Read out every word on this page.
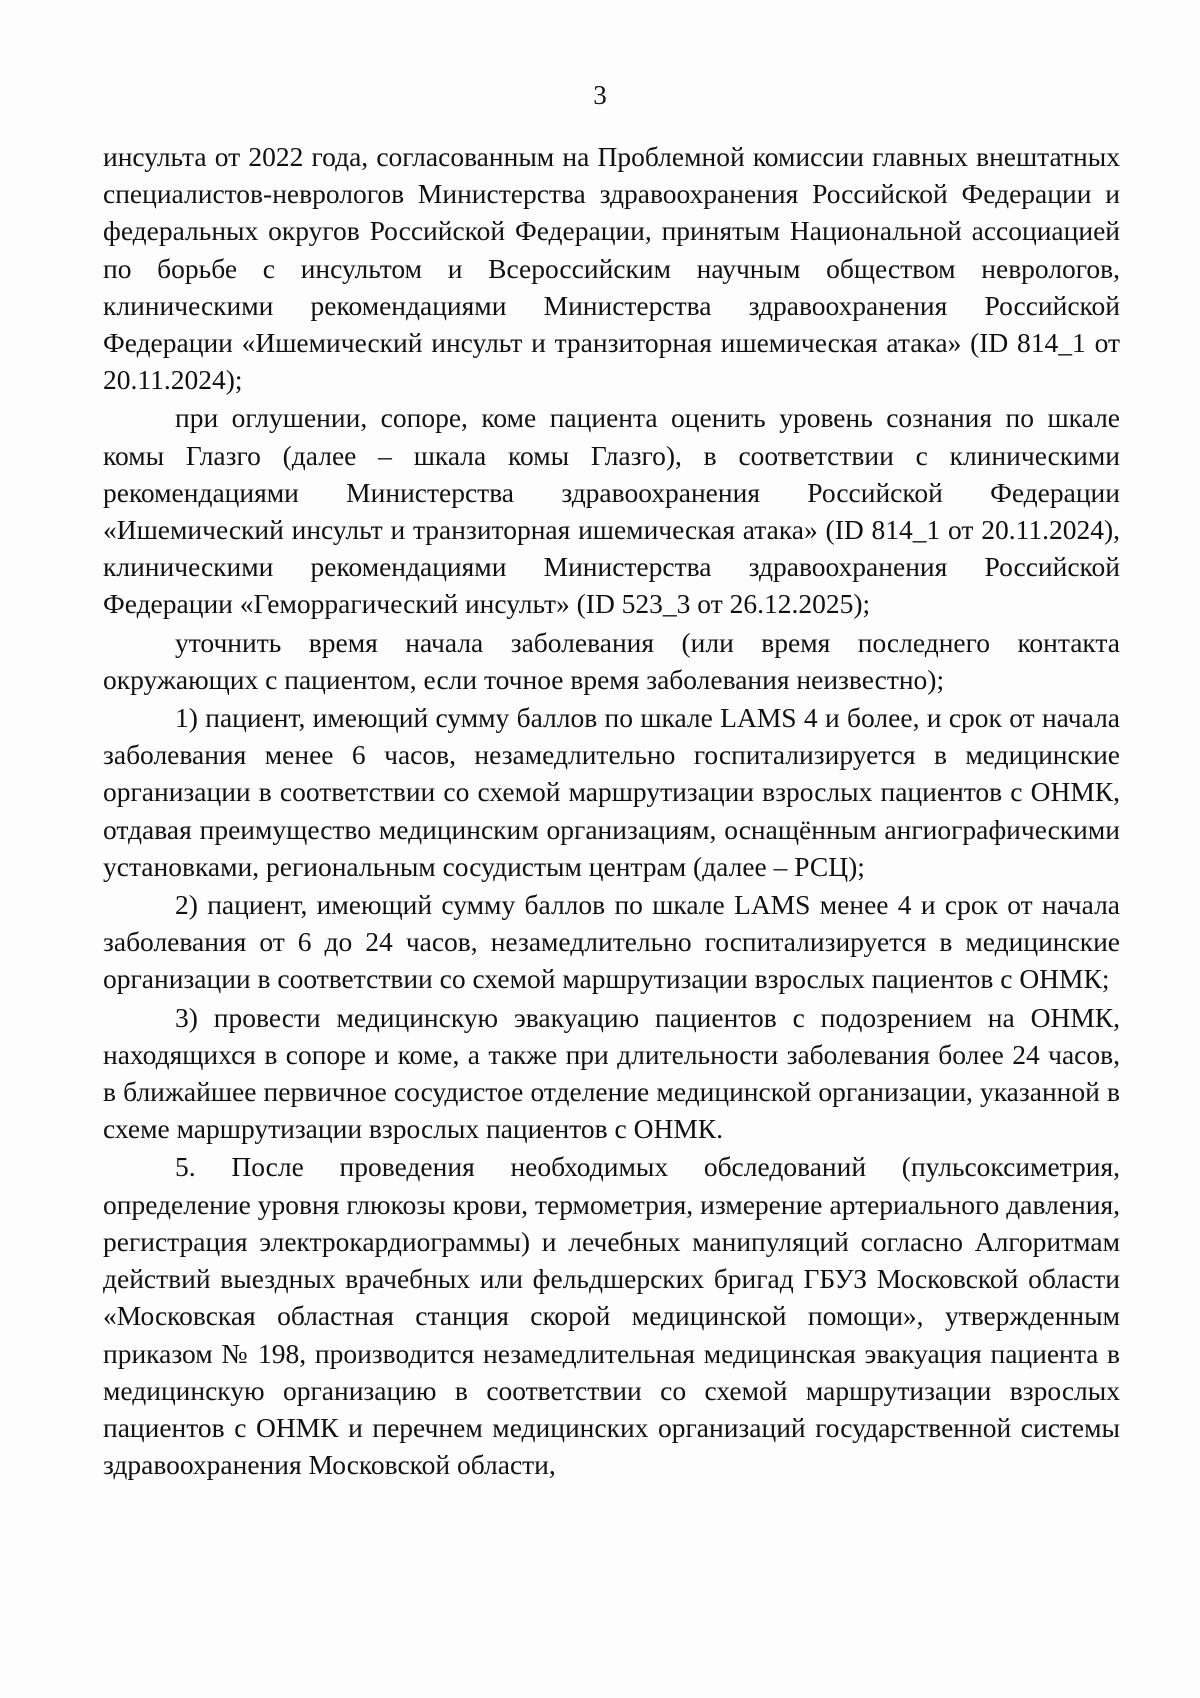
3

инсульта от 2022 года, согласованным на Проблемной комиссии главных внештатных специалистов-неврологов Министерства здравоохранения Российской Федерации и федеральных округов Российской Федерации, принятым Национальной ассоциацией по борьбе с инсультом и Всероссийским научным обществом неврологов, клиническими рекомендациями Министерства здравоохранения Российской Федерации «Ишемический инсульт и транзиторная ишемическая атака» (ID 814_1 от 20.11.2024);

при оглушении, сопоре, коме пациента оценить уровень сознания по шкале комы Глазго (далее – шкала комы Глазго), в соответствии с клиническими рекомендациями Министерства здравоохранения Российской Федерации «Ишемический инсульт и транзиторная ишемическая атака» (ID 814_1 от 20.11.2024), клиническими рекомендациями Министерства здравоохранения Российской Федерации «Геморрагический инсульт» (ID 523_3 от 26.12.2025);

уточнить время начала заболевания (или время последнего контакта окружающих с пациентом, если точное время заболевания неизвестно);

1) пациент, имеющий сумму баллов по шкале LAMS 4 и более, и срок от начала заболевания менее 6 часов, незамедлительно госпитализируется в медицинские организации в соответствии со схемой маршрутизации взрослых пациентов с ОНМК, отдавая преимущество медицинским организациям, оснащённым ангиографическими установками, региональным сосудистым центрам (далее – РСЦ);

2) пациент, имеющий сумму баллов по шкале LAMS менее 4 и срок от начала заболевания от 6 до 24 часов, незамедлительно госпитализируется в медицинские организации в соответствии со схемой маршрутизации взрослых пациентов с ОНМК;

3) провести медицинскую эвакуацию пациентов с подозрением на ОНМК, находящихся в сопоре и коме, а также при длительности заболевания более 24 часов, в ближайшее первичное сосудистое отделение медицинской организации, указанной в схеме маршрутизации взрослых пациентов с ОНМК.

5. После проведения необходимых обследований (пульсоксиметрия, определение уровня глюкозы крови, термометрия, измерение артериального давления, регистрация электрокардиограммы) и лечебных манипуляций согласно Алгоритмам действий выездных врачебных или фельдшерских бригад ГБУЗ Московской области «Московская областная станция скорой медицинской помощи», утвержденным приказом № 198, производится незамедлительная медицинская эвакуация пациента в медицинскую организацию в соответствии со схемой маршрутизации взрослых пациентов с ОНМК и перечнем медицинских организаций государственной системы здравоохранения Московской области,
